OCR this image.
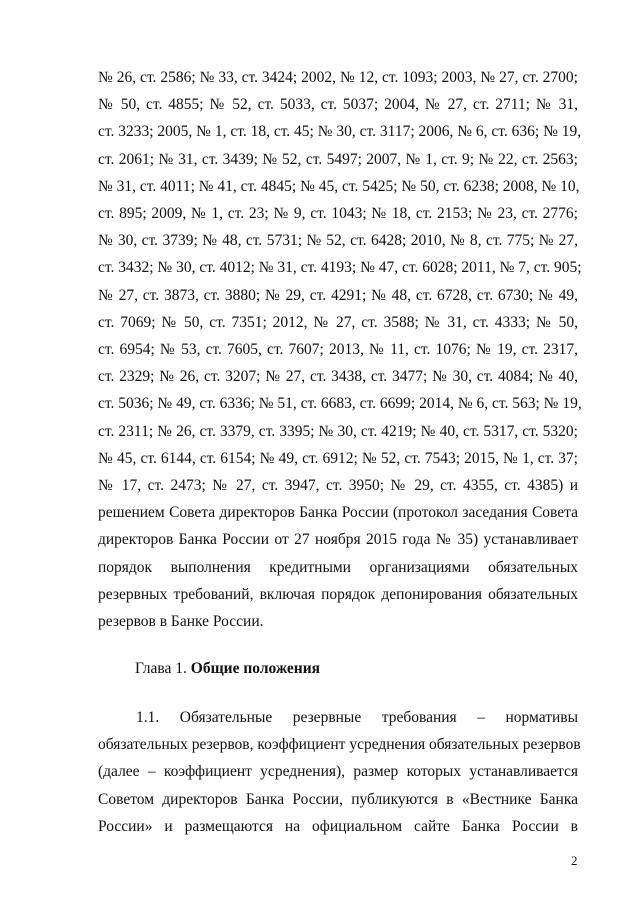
№ 26, ст. 2586; № 33, ст. 3424; 2002, № 12, ст. 1093; 2003, № 27, ст. 2700;
№ 50, ст. 4855; № 52, ст. 5033, ст. 5037; 2004, № 27, ст. 2711; № 31,
ст. 3233; 2005, № 1, ст. 18, ст. 45; № 30, ст. 3117; 2006, № 6, ст. 636; № 19,
ст. 2061; № 31, ст. 3439; № 52, ст. 5497; 2007, № 1, ст. 9; № 22, ст. 2563;
№ 31, ст. 4011; № 41, ст. 4845; № 45, ст. 5425; № 50, ст. 6238; 2008, № 10,
ст. 895; 2009, № 1, ст. 23; № 9, ст. 1043; № 18, ст. 2153; № 23, ст. 2776;
№ 30, ст. 3739; № 48, ст. 5731; № 52, ст. 6428; 2010, № 8, ст. 775; № 27,
ст. 3432; № 30, ст. 4012; № 31, ст. 4193; № 47, ст. 6028; 2011, № 7, ст. 905;
№ 27, ст. 3873, ст. 3880; № 29, ст. 4291; № 48, ст. 6728, ст. 6730; № 49,
ст. 7069; № 50, ст. 7351; 2012, № 27, ст. 3588; № 31, ст. 4333; № 50,
ст. 6954; № 53, ст. 7605, ст. 7607; 2013, № 11, ст. 1076; № 19, ст. 2317,
ст. 2329; № 26, ст. 3207; № 27, ст. 3438, ст. 3477; № 30, ст. 4084; № 40,
ст. 5036; № 49, ст. 6336; № 51, ст. 6683, ст. 6699; 2014, № 6, ст. 563; № 19,
ст. 2311; № 26, ст. 3379, ст. 3395; № 30, ст. 4219; № 40, ст. 5317, ст. 5320;
№ 45, ст. 6144, ст. 6154; № 49, ст. 6912; № 52, ст. 7543; 2015, № 1, ст. 37;
№ 17, ст. 2473; № 27, ст. 3947, ст. 3950; № 29, ст. 4355, ст. 4385) и
решением Совета директоров Банка России (протокол заседания Совета
директоров Банка России от 27 ноября 2015 года № 35) устанавливает
порядок выполнения кредитными организациями обязательных
резервных требований, включая порядок депонирования обязательных
резервов в Банке России.
Глава 1. Общие положения
1.1. Обязательные резервные требования – нормативы
обязательных резервов, коэффициент усреднения обязательных резервов
(далее – коэффициент усреднения), размер которых устанавливается
Советом директоров Банка России, публикуются в «Вестнике Банка
России» и размещаются на официальном сайте Банка России в
2
